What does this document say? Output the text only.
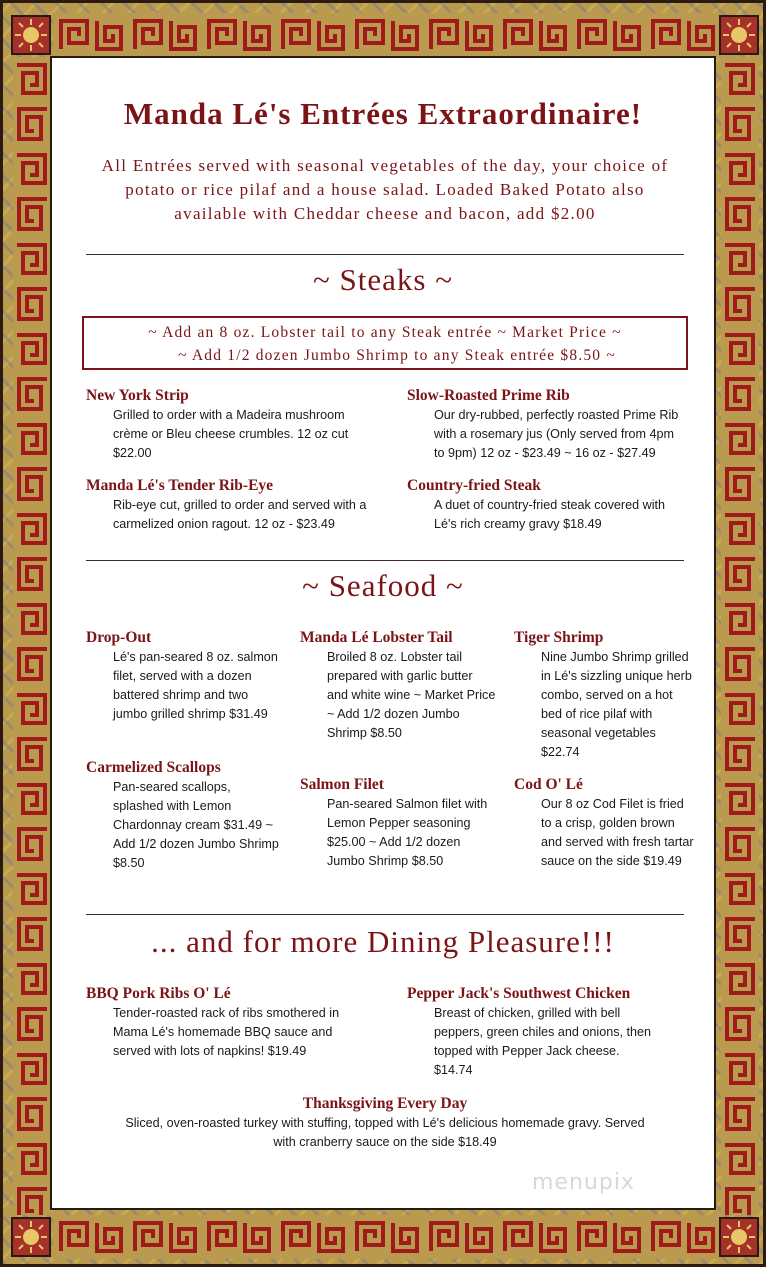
Manda Lé's Entrées Extraordinaire!
All Entrées served with seasonal vegetables of the day, your choice of potato or rice pilaf and a house salad. Loaded Baked Potato also available with Cheddar cheese and bacon, add $2.00
~ Steaks ~
~ Add an 8 oz. Lobster tail to any Steak entrée ~ Market Price ~
~ Add 1/2 dozen Jumbo Shrimp to any Steak entrée $8.50 ~
New York Strip
Grilled to order with a Madeira mushroom crème or Bleu cheese crumbles. 12 oz cut $22.00
Slow-Roasted Prime Rib
Our dry-rubbed, perfectly roasted Prime Rib with a rosemary jus (Only served from 4pm to 9pm) 12 oz - $23.49 ~ 16 oz - $27.49
Manda Lé's Tender Rib-Eye
Rib-eye cut, grilled to order and served with a carmelized onion ragout. 12 oz - $23.49
Country-fried Steak
A duet of country-fried steak covered with Lé's rich creamy gravy $18.49
~ Seafood ~
Drop-Out
Lé's pan-seared 8 oz. salmon filet, served with a dozen battered shrimp and two jumbo grilled shrimp $31.49
Manda Lé Lobster Tail
Broiled 8 oz. Lobster tail prepared with garlic butter and white wine ~ Market Price ~ Add 1/2 dozen Jumbo Shrimp $8.50
Tiger Shrimp
Nine Jumbo Shrimp grilled in Lé's sizzling unique herb combo, served on a hot bed of rice pilaf with seasonal vegetables $22.74
Carmelized Scallops
Pan-seared scallops, splashed with Lemon Chardonnay cream $31.49 ~ Add 1/2 dozen Jumbo Shrimp $8.50
Salmon Filet
Pan-seared Salmon filet with Lemon Pepper seasoning $25.00 ~ Add 1/2 dozen Jumbo Shrimp $8.50
Cod O' Lé
Our 8 oz Cod Filet is fried to a crisp, golden brown and served with fresh tartar sauce on the side $19.49
... and for more Dining Pleasure!!!
BBQ Pork Ribs O' Lé
Tender-roasted rack of ribs smothered in Mama Lé's homemade BBQ sauce and served with lots of napkins! $19.49
Pepper Jack's Southwest Chicken
Breast of chicken, grilled with bell peppers, green chiles and onions, then topped with Pepper Jack cheese. $14.74
Thanksgiving Every Day
Sliced, oven-roasted turkey with stuffing, topped with Lé's delicious homemade gravy. Served with cranberry sauce on the side $18.49
menupix
